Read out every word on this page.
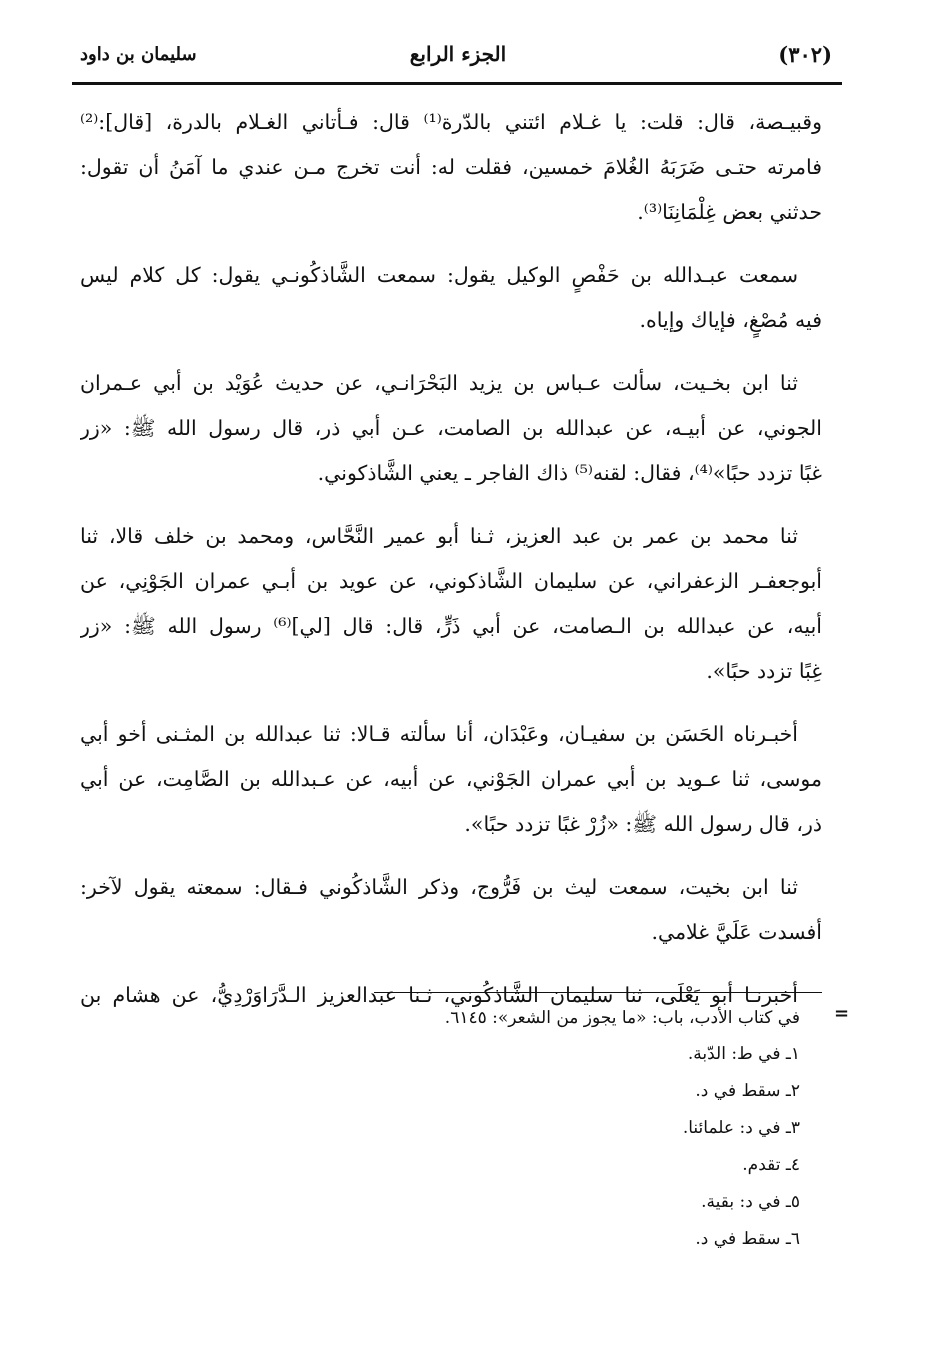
(٣٠٢)
الجزء الرابع
سليمان بن داود
وقبيـصة، قال: قلت: يا غـلام ائتني بالدّرة⁽¹⁾ قال: فـأتاني الغـلام بالدرة، [قال]:⁽²⁾
فامرته حتـى ضَرَبَهُ الغُلامَ خمسين، فقلت له: أنت تخرج مـن عندي ما آمَنُ أن تقول:
حدثني بعض غِلْمَانِنَا⁽³⁾.
سمعت عبـدالله بن حَفْصٍ الوكيل يقول: سمعت الشَّاذكُونـي يقول: كل كلام ليس
فيه مُصْغٍ، فإياك وإياه.
ثنا ابن بخـيت، سألت عـباس بن يزيد البَحْرَانـي، عن حديث عُوَيْد بن أبي عـمران
الجوني، عن أبيـه، عن عبدالله بن الصامت، عـن أبي ذر، قال رسول الله ﷺ: «زر
غبًا تزدد حبًا»⁽⁴⁾، فقال: لقنه⁽⁵⁾ ذاك الفاجر ـ يعني الشَّاذكوني.
ثنا محمد بن عمر بن عبد العزيز، ثـنا أبو عمير النَّحَّاس، ومحمد بن خلف قالا، ثنا
أبوجعفـر الزعفراني، عن سليمان الشَّاذكوني، عن عويد بن أبـي عمران الجَوْنِي، عن
أبيه، عن عبدالله بن الـصامت، عن أبي ذَرٍّ، قال: قال [لي]⁽⁶⁾ رسول الله ﷺ: «زر
غِبًا تزدد حبًا».
أخبـرناه الحَسَن بن سفيـان، وعَبْدَان، أنا سألته قـالا: ثنا عبدالله بن المثـنى أخو أبي
موسى، ثنا عـويد بن أبي عمران الجَوْني، عن أبيه، عن عـبدالله بن الصَّامِت، عن أبي
ذر، قال رسول الله ﷺ: «زُرْ غبًا تزدد حبًا».
ثنا ابن بخيت، سمعت ليث بن فَرُّوج، وذكر الشَّاذكُوني فـقال: سمعته يقول لآخر:
أفسدت عَلَيَّ غلامي.
أخبرنـا أبو يَعْلَى، ثنا سليمان الشَّاذكُوني، ثـنا عبدالعزيز الـدَّرَاوَرْدِيُّ، عن هشام بن
=
في كتاب الأدب، باب: «ما يجوز من الشعر»: ٦١٤٥.
١ـ في ط: الدّبة.
٢ـ سقط في د.
٣ـ في د: علمائنا.
٤ـ تقدم.
٥ـ في د: بقية.
٦ـ سقط في د.
